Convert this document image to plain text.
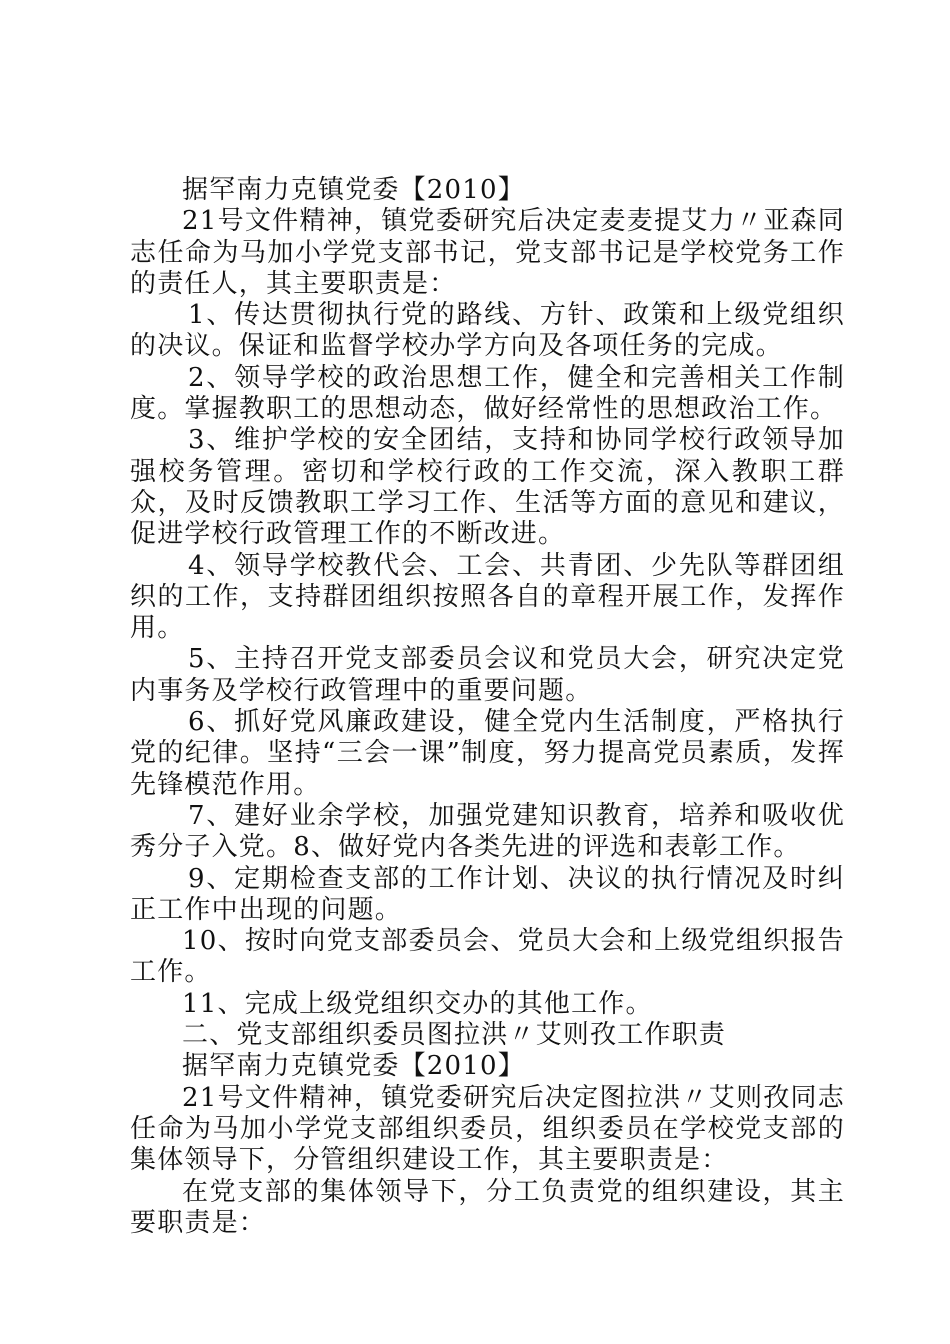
据罕南力克镇党委【2010】

21号文件精神，镇党委研究后决定麦麦提艾力〃亚森同志任命为马加小学党支部书记，党支部书记是学校党务工作的责任人，其主要职责是：

1、传达贯彻执行党的路线、方针、政策和上级党组织的决议。保证和监督学校办学方向及各项任务的完成。

2、领导学校的政治思想工作，健全和完善相关工作制度。掌握教职工的思想动态，做好经常性的思想政治工作。

3、维护学校的安全团结，支持和协同学校行政领导加强校务管理。密切和学校行政的工作交流，深入教职工群众，及时反馈教职工学习工作、生活等方面的意见和建议，促进学校行政管理工作的不断改进。

4、领导学校教代会、工会、共青团、少先队等群团组织的工作，支持群团组织按照各自的章程开展工作，发挥作用。

5、主持召开党支部委员会议和党员大会，研究决定党内事务及学校行政管理中的重要问题。

6、抓好党风廉政建设，健全党内生活制度，严格执行党的纪律。坚持“三会一课”制度，努力提高党员素质，发挥先锋模范作用。

7、建好业余学校，加强党建知识教育，培养和吸收优秀分子入党。8、做好党内各类先进的评选和表彰工作。

9、定期检查支部的工作计划、决议的执行情况及时纠正工作中出现的问题。

10、按时向党支部委员会、党员大会和上级党组织报告工作。

11、完成上级党组织交办的其他工作。

二、党支部组织委员图拉洪〃艾则孜工作职责

据罕南力克镇党委【2010】

21号文件精神，镇党委研究后决定图拉洪〃艾则孜同志任命为马加小学党支部组织委员，组织委员在学校党支部的集体领导下，分管组织建设工作，其主要职责是：

在党支部的集体领导下，分工负责党的组织建设，其主要职责是：
